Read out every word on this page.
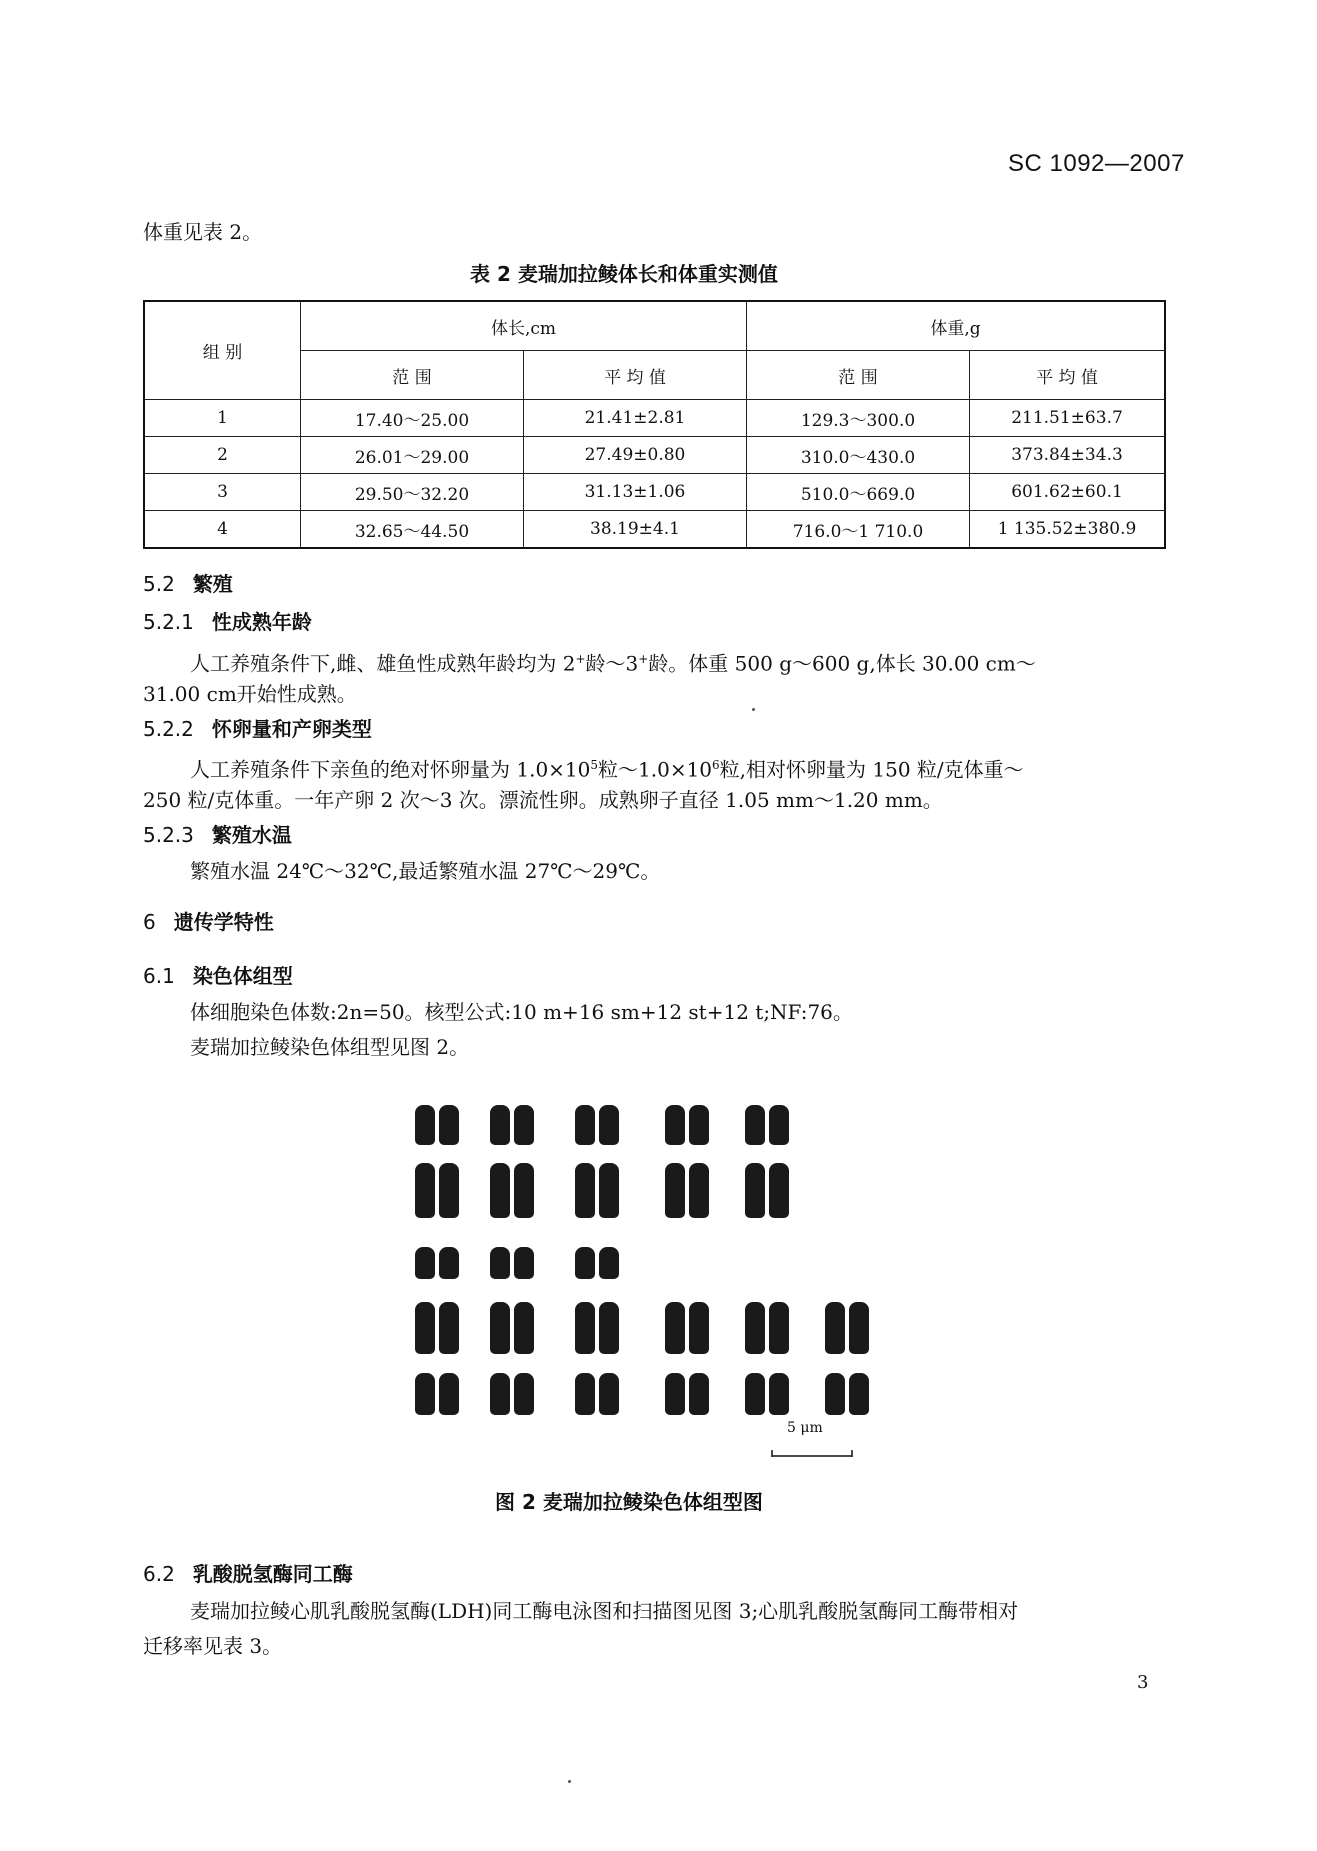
SC 1092—2007
体重见表 2。
表 2 麦瑞加拉鲮体长和体重实测值
组 别	体长,cm		体重,g	
	范 围	平 均 值	范 围	平 均 值
1	17.40～25.00	21.41±2.81	129.3～300.0	211.51±63.7
2	26.01～29.00	27.49±0.80	310.0～430.0	373.84±34.3
3	29.50～32.20	31.13±1.06	510.0～669.0	601.62±60.1
4	32.65～44.50	38.19±4.1	716.0～1 710.0	1 135.52±380.9
5.2 繁殖
5.2.1 性成熟年龄
人工养殖条件下,雌、雄鱼性成熟年龄均为 2+龄～3+龄。体重 500 g～600 g,体长 30.00 cm～
31.00 cm开始性成熟。
5.2.2 怀卵量和产卵类型
人工养殖条件下亲鱼的绝对怀卵量为 $1.0\times 10^5$粒$\sim 1.0\times 10^6$粒,相对怀卵量为 150 粒/克体重～
250 粒/克体重。一年产卵 2 次～3 次。漂流性卵。成熟卵子直径 1.05 mm～1.20 mm。
5.2.3 繁殖水温
繁殖水温 24℃～32℃,最适繁殖水温 27℃～29℃。
6 遗传学特性
6.1 染色体组型
体细胞染色体数:2n=50。核型公式:10 m+16 sm+12 st+12 t;NF:76。
麦瑞加拉鲮染色体组型见图 2。
5 μm
图 2 麦瑞加拉鲮染色体组型图
6.2 乳酸脱氢酶同工酶
麦瑞加拉鲮心肌乳酸脱氢酶(LDH)同工酶电泳图和扫描图见图 3;心肌乳酸脱氢酶同工酶带相对
迁移率见表 3。
3
